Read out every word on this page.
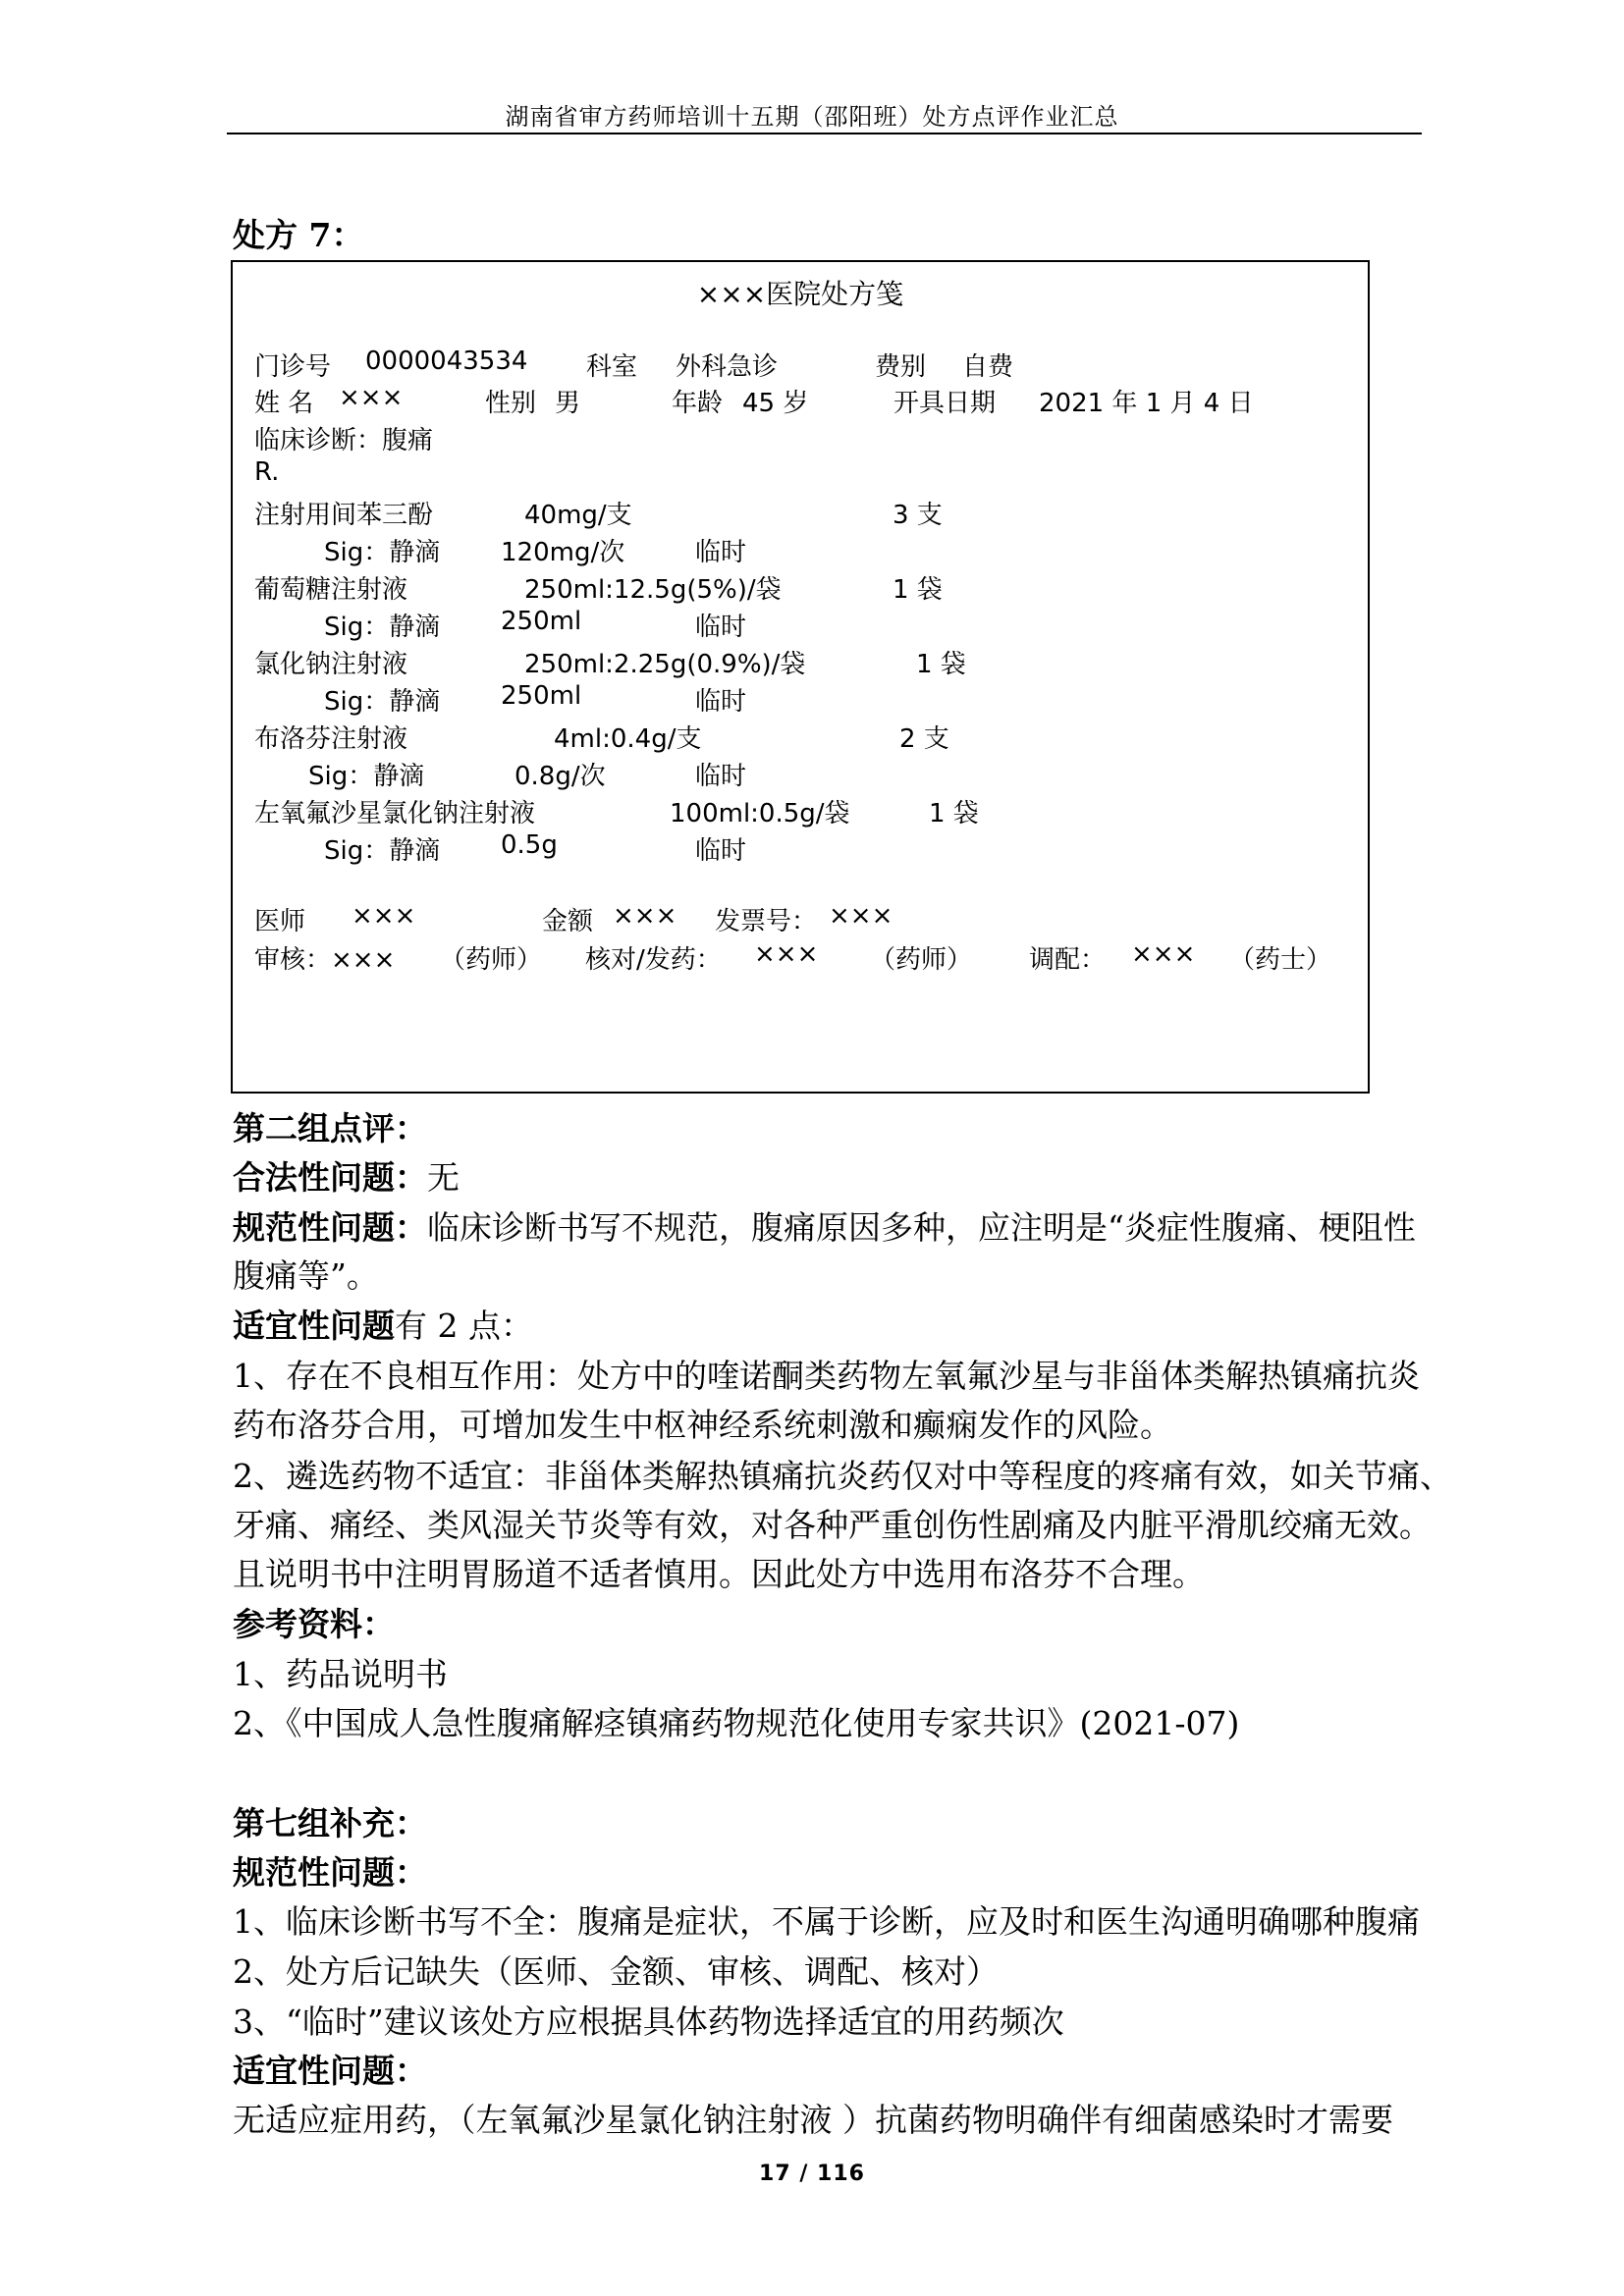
湖南省审方药师培训十五期（邵阳班）处方点评作业汇总
处方 7：
×××医院处方笺
门诊号 0000043534 科室 外科急诊	费别 自费
姓 名 ×××	性别 男	年龄 45 岁	开具日期 2021 年 1 月 4 日
临床诊断：腹痛
R.
注射用间苯三酚	40mg/支	3 支
Sig：静滴 120mg/次	临时
葡萄糖注射液	250ml:12.5g(5%)/袋	1 袋
Sig：静滴 250ml	临时
氯化钠注射液	250ml:2.25g(0.9%)/袋	1 袋
Sig：静滴 250ml	临时
布洛芬注射液	4ml:0.4g/支	2 支
Sig：静滴	0.8g/次	临时
左氧氟沙星氯化钠注射液	100ml:0.5g/袋	1 袋
Sig：静滴 0.5g	临时
医师 ×××	金额 ××× 发票号： ×××
审核：××× （药师） 核对/发药： ××× （药师） 调配： ××× （药士）
第二组点评：
合法性问题：无
规范性问题：临床诊断书写不规范，腹痛原因多种，应注明是“炎症性腹痛、梗阻性
腹痛等”。
适宜性问题有 2 点：
1、存在不良相互作用：处方中的喹诺酮类药物左氧氟沙星与非甾体类解热镇痛抗炎
药布洛芬合用，可增加发生中枢神经系统刺激和癫痫发作的风险。
2、遴选药物不适宜：非甾体类解热镇痛抗炎药仅对中等程度的疼痛有效，如关节痛、
牙痛、痛经、类风湿关节炎等有效，对各种严重创伤性剧痛及内脏平滑肌绞痛无效。
且说明书中注明胃肠道不适者慎用。因此处方中选用布洛芬不合理。
参考资料：
1、药品说明书
2、《中国成人急性腹痛解痉镇痛药物规范化使用专家共识》(2021-07)
第七组补充：
规范性问题：
1、临床诊断书写不全：腹痛是症状，不属于诊断，应及时和医生沟通明确哪种腹痛
2、处方后记缺失（医师、金额、审核、调配、核对）
3、“临时”建议该处方应根据具体药物选择适宜的用药频次
适宜性问题：
无适应症用药，（左氧氟沙星氯化钠注射液 ）抗菌药物明确伴有细菌感染时才需要
17 / 116
